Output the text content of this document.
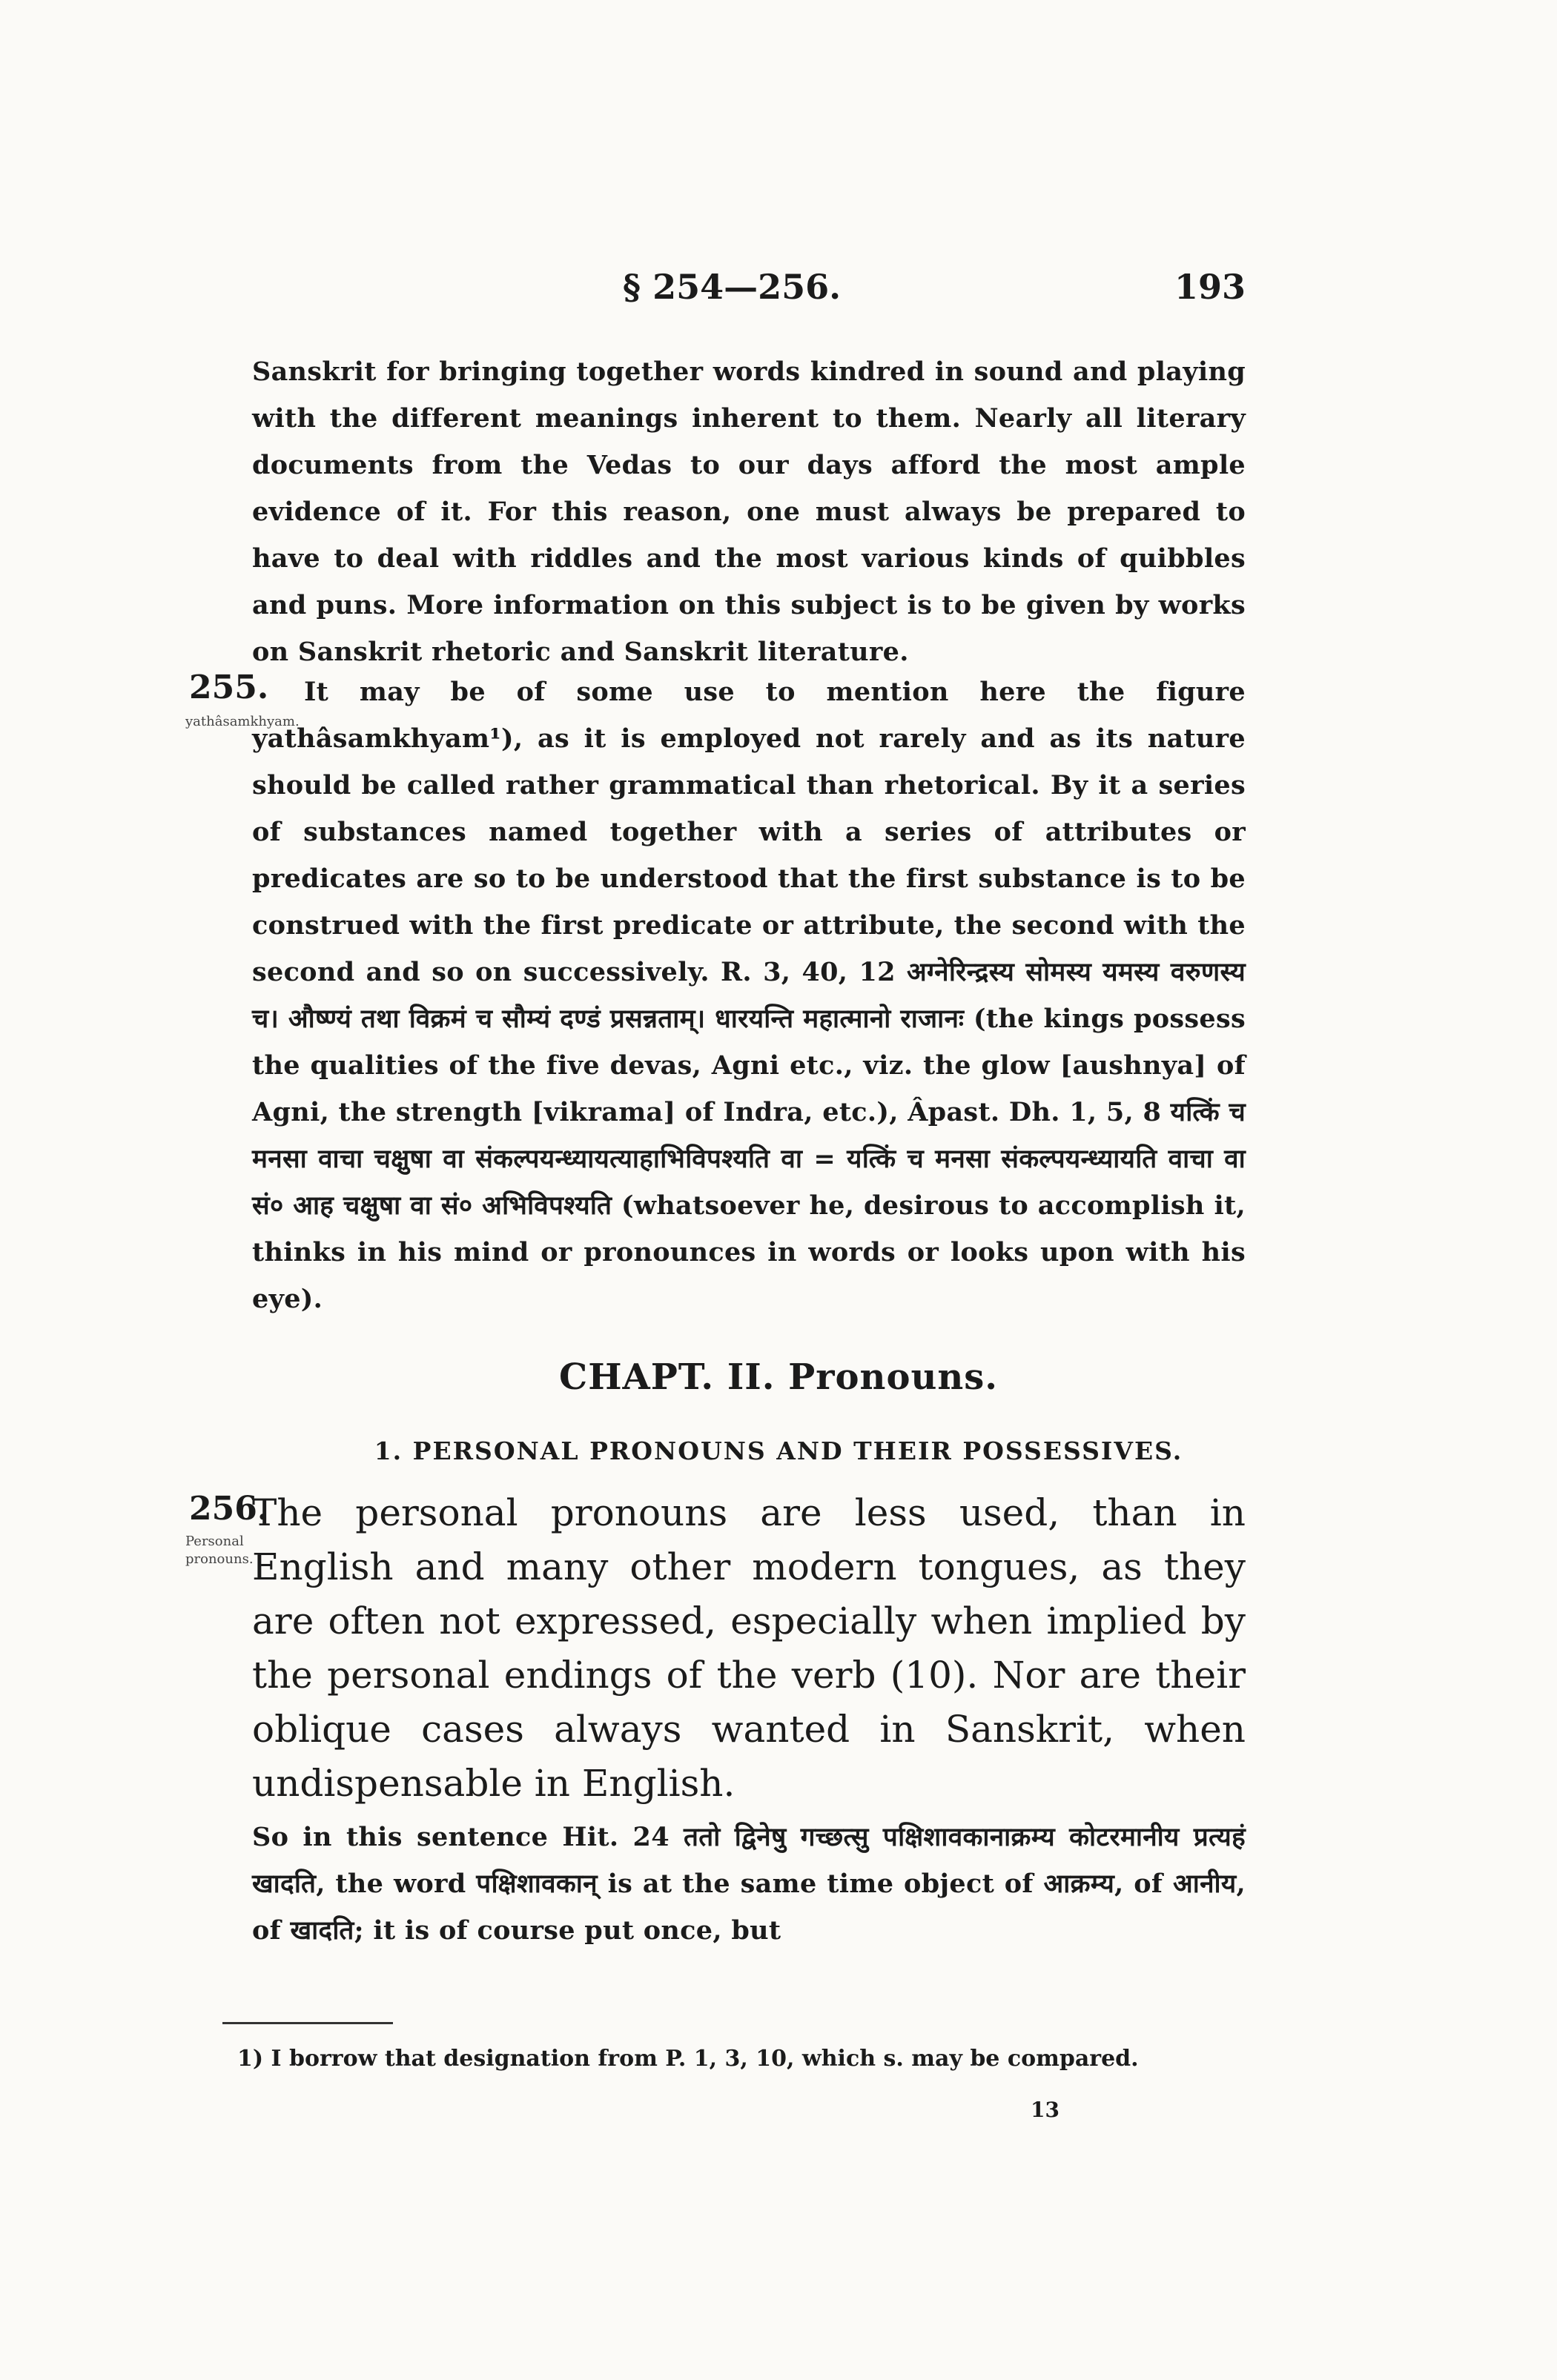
§ 254—256.	193

Sanskrit for bringing together words kindred in sound and playing with the different meanings inherent to them. Nearly all literary documents from the Vedas to our days afford the most ample evidence of it. For this reason, one must always be prepared to have to deal with riddles and the most various kinds of quibbles and puns. More information on this subject is to be given by works on Sanskrit rhetoric and Sanskrit literature.

255.
yathâsamkhyam.

It may be of some use to mention here the figure yathâsamkhyam¹), as it is employed not rarely and as its nature should be called rather grammatical than rhetorical. By it a series of substances named together with a series of attributes or predicates are so to be understood that the first substance is to be construed with the first predicate or attribute, the second with the second and so on successively. R. 3, 40, 12 अग्नेरिन्द्रस्य सोमस्य यमस्य वरुणस्य च। औष्ण्यं तथा विक्रमं च सौम्यं दण्डं प्रसन्नताम्। धारयन्ति महात्मानो राजानः (the kings possess the qualities of the five devas, Agni etc., viz. the glow [aushnya] of Agni, the strength [vikrama] of Indra, etc.), Âpast. Dh. 1, 5, 8 यत्किं च मनसा वाचा चक्षुषा वा संकल्पयन्ध्यायत्याहाभिविपश्यति वा = यत्किं च मनसा संकल्पयन्ध्यायति वाचा वा सं० आह चक्षुषा वा सं० अभिविपश्यति (whatsoever he, desirous to accomplish it, thinks in his mind or pronounces in words or looks upon with his eye).

CHAPT. II. Pronouns.
1. PERSONAL PRONOUNS AND THEIR POSSESSIVES.
256.
Personal pronouns.
The personal pronouns are less used, than in English and many other modern tongues, as they are often not expressed, especially when implied by the personal endings of the verb (10). Nor are their oblique cases always wanted in Sanskrit, when undispensable in English.
So in this sentence Hit. 24 ततो द्विनेषु गच्छत्सु पक्षिशावकानाक्रम्य कोटरमानीय प्रत्यहं खादति, the word पक्षिशावकान् is at the same time object of आक्रम्य, of आनीय, of खादति; it is of course put once, but
1) I borrow that designation from P. 1, 3, 10, which s. may be compared.
13
